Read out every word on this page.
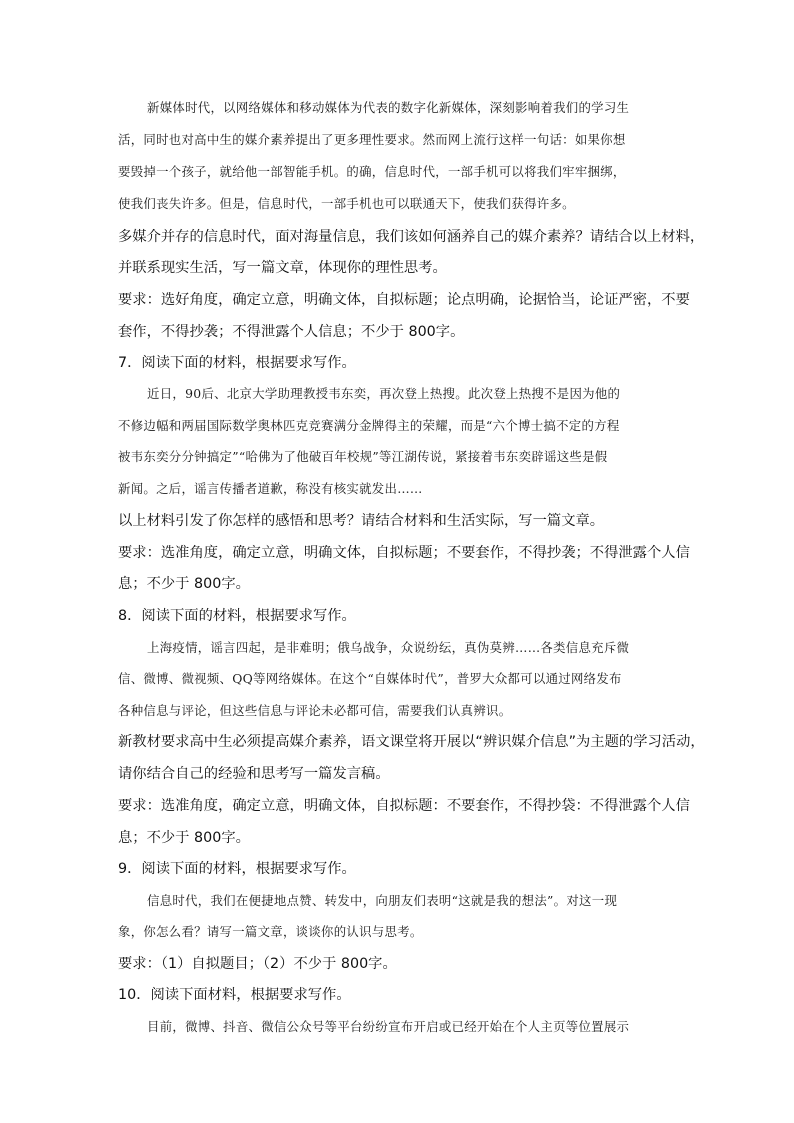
新媒体时代，以网络媒体和移动媒体为代表的数字化新媒体，深刻影响着我们的学习生
活，同时也对高中生的媒介素养提出了更多理性要求。然而网上流行这样一句话：如果你想
要毁掉一个孩子，就给他一部智能手机。的确，信息时代，一部手机可以将我们牢牢捆绑，
使我们丧失许多。但是，信息时代，一部手机也可以联通天下，使我们获得许多。
多媒介并存的信息时代，面对海量信息，我们该如何涵养自己的媒介素养？请结合以上材料，
并联系现实生活，写一篇文章，体现你的理性思考。
要求：选好角度，确定立意，明确文体，自拟标题；论点明确，论据恰当，论证严密，不要
套作，不得抄袭；不得泄露个人信息；不少于 800字。
7．阅读下面的材料，根据要求写作。
近日，90后、北京大学助理教授韦东奕，再次登上热搜。此次登上热搜不是因为他的
不修边幅和两届国际数学奥林匹克竞赛满分金牌得主的荣耀，而是“六个博士搞不定的方程
被韦东奕分分钟搞定”“哈佛为了他破百年校规”等江湖传说，紧接着韦东奕辟谣这些是假
新闻。之后，谣言传播者道歉，称没有核实就发出……
以上材料引发了你怎样的感悟和思考？请结合材料和生活实际，写一篇文章。
要求：选准角度，确定立意，明确文体，自拟标题；不要套作，不得抄袭；不得泄露个人信
息；不少于 800字。
8．阅读下面的材料，根据要求写作。
上海疫情，谣言四起，是非难明；俄乌战争，众说纷纭，真伪莫辨……各类信息充斥微
信、微博、微视频、QQ等网络媒体。在这个“自媒体时代”，普罗大众都可以通过网络发布
各种信息与评论，但这些信息与评论未必都可信，需要我们认真辨识。
新教材要求高中生必须提高媒介素养，语文课堂将开展以“辨识媒介信息”为主题的学习活动，
请你结合自己的经验和思考写一篇发言稿。
要求：选准角度，确定立意，明确文体，自拟标题：不要套作，不得抄袋：不得泄露个人信
息；不少于 800字。
9．阅读下面的材料，根据要求写作。
信息时代，我们在便捷地点赞、转发中，向朋友们表明“这就是我的想法”。对这一现
象，你怎么看？请写一篇文章，谈谈你的认识与思考。
要求：（1）自拟题目；（2）不少于 800字。
10．阅读下面材料，根据要求写作。
目前，微博、抖音、微信公众号等平台纷纷宣布开启或已经开始在个人主页等位置展示
